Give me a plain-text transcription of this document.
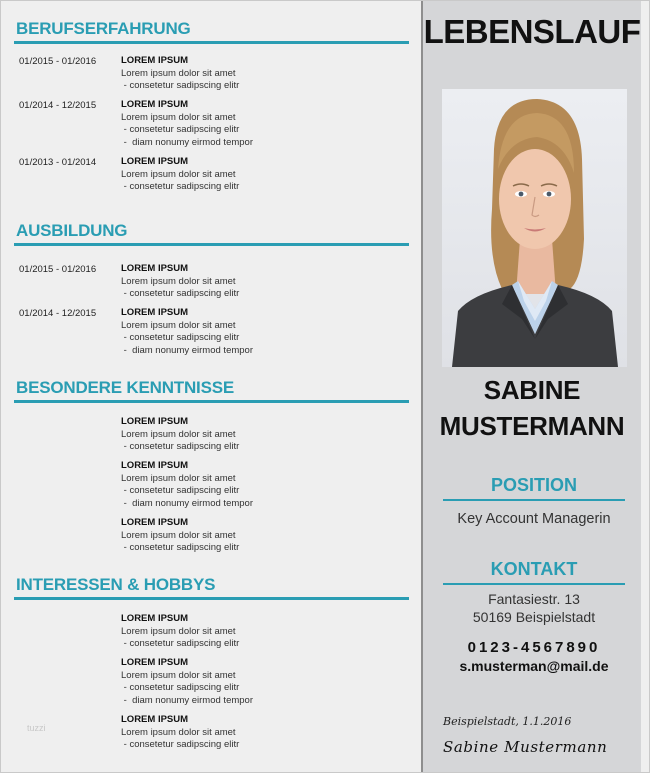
BERUFSERFAHRUNG
01/2015 - 01/2016	LOREM IPSUM
Lorem ipsum dolor sit amet
- consetetur sadipscing elitr
01/2014 - 12/2015	LOREM IPSUM
Lorem ipsum dolor sit amet
- consetetur sadipscing elitr
-  diam nonumy eirmod tempor
01/2013 - 01/2014	LOREM IPSUM
Lorem ipsum dolor sit amet
- consetetur sadipscing elitr
AUSBILDUNG
01/2015 - 01/2016	LOREM IPSUM
Lorem ipsum dolor sit amet
- consetetur sadipscing elitr
01/2014 - 12/2015	LOREM IPSUM
Lorem ipsum dolor sit amet
- consetetur sadipscing elitr
-  diam nonumy eirmod tempor
BESONDERE KENNTNISSE
LOREM IPSUM
Lorem ipsum dolor sit amet
- consetetur sadipscing elitr
LOREM IPSUM
Lorem ipsum dolor sit amet
- consetetur sadipscing elitr
-  diam nonumy eirmod tempor
LOREM IPSUM
Lorem ipsum dolor sit amet
- consetetur sadipscing elitr
INTERESSEN & HOBBYS
LOREM IPSUM
Lorem ipsum dolor sit amet
- consetetur sadipscing elitr
LOREM IPSUM
Lorem ipsum dolor sit amet
- consetetur sadipscing elitr
-  diam nonumy eirmod tempor
LOREM IPSUM
Lorem ipsum dolor sit amet
- consetetur sadipscing elitr
tuzzi
LEBENSLAUF
SABINE
MUSTERMANN
POSITION
Key Account Managerin
KONTAKT
Fantasiestr. 13
50169 Beispielstadt
0123-4567890
s.musterman@mail.de
Beispielstadt, 1.1.2016
Sabine Mustermann
